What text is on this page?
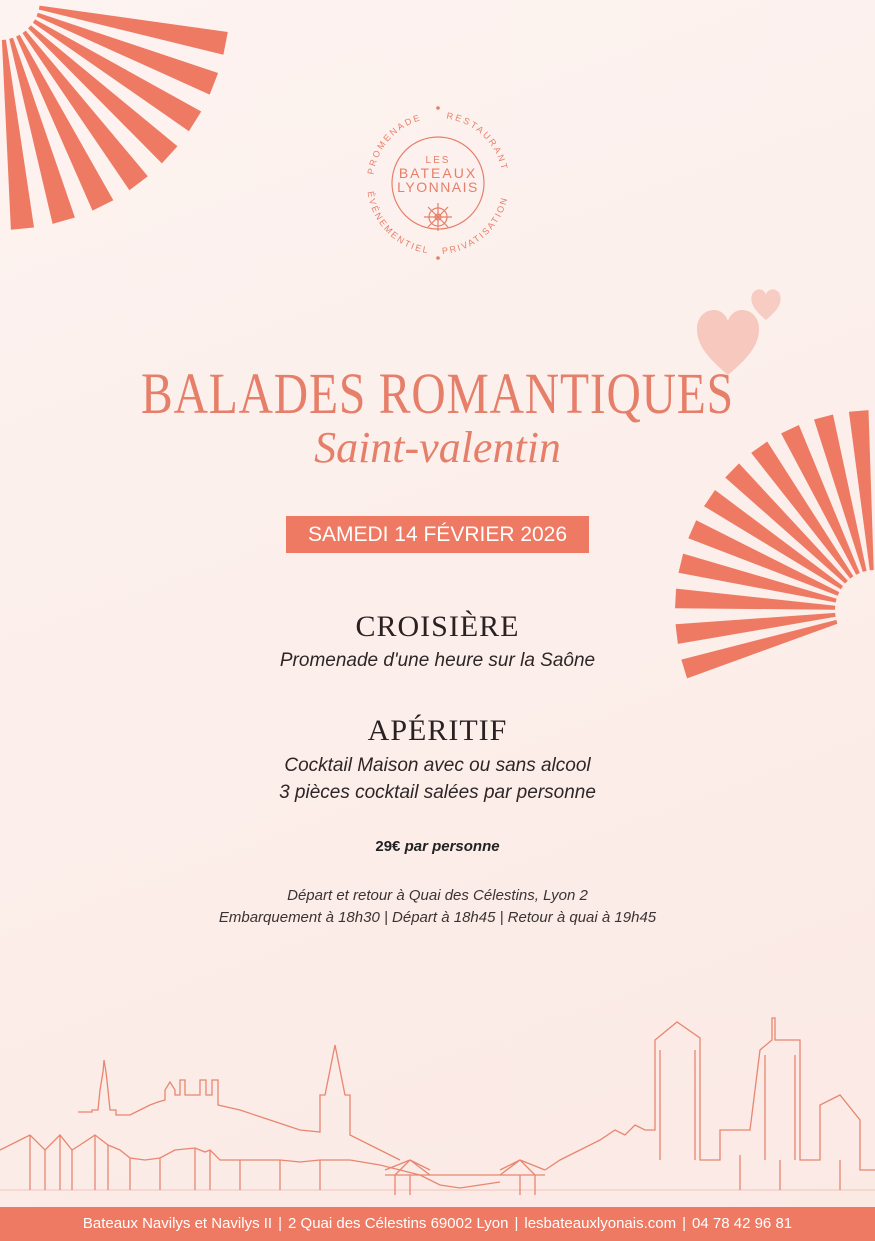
PROMENADE	RESTAURANT
PRIVATISATION
ÉVÉNEMENTIEL
LES
BATEAUX
LYONNAIS
BALADES ROMANTIQUES
Saint-valentin
SAMEDI 14 FÉVRIER 2026
CROISIÈRE
Promenade d'une heure sur la Saône
APÉRITIF
Cocktail Maison avec ou sans alcool
3 pièces cocktail salées par personne
29€ par personne
Départ et retour à Quai des Célestins, Lyon 2
Embarquement à 18h30 | Départ à 18h45 | Retour à quai à 19h45
Bateaux Navilys et Navilys II | 2 Quai des Célestins 69002 Lyon | lesbateauxlyonais.com | 04 78 42 96 81
